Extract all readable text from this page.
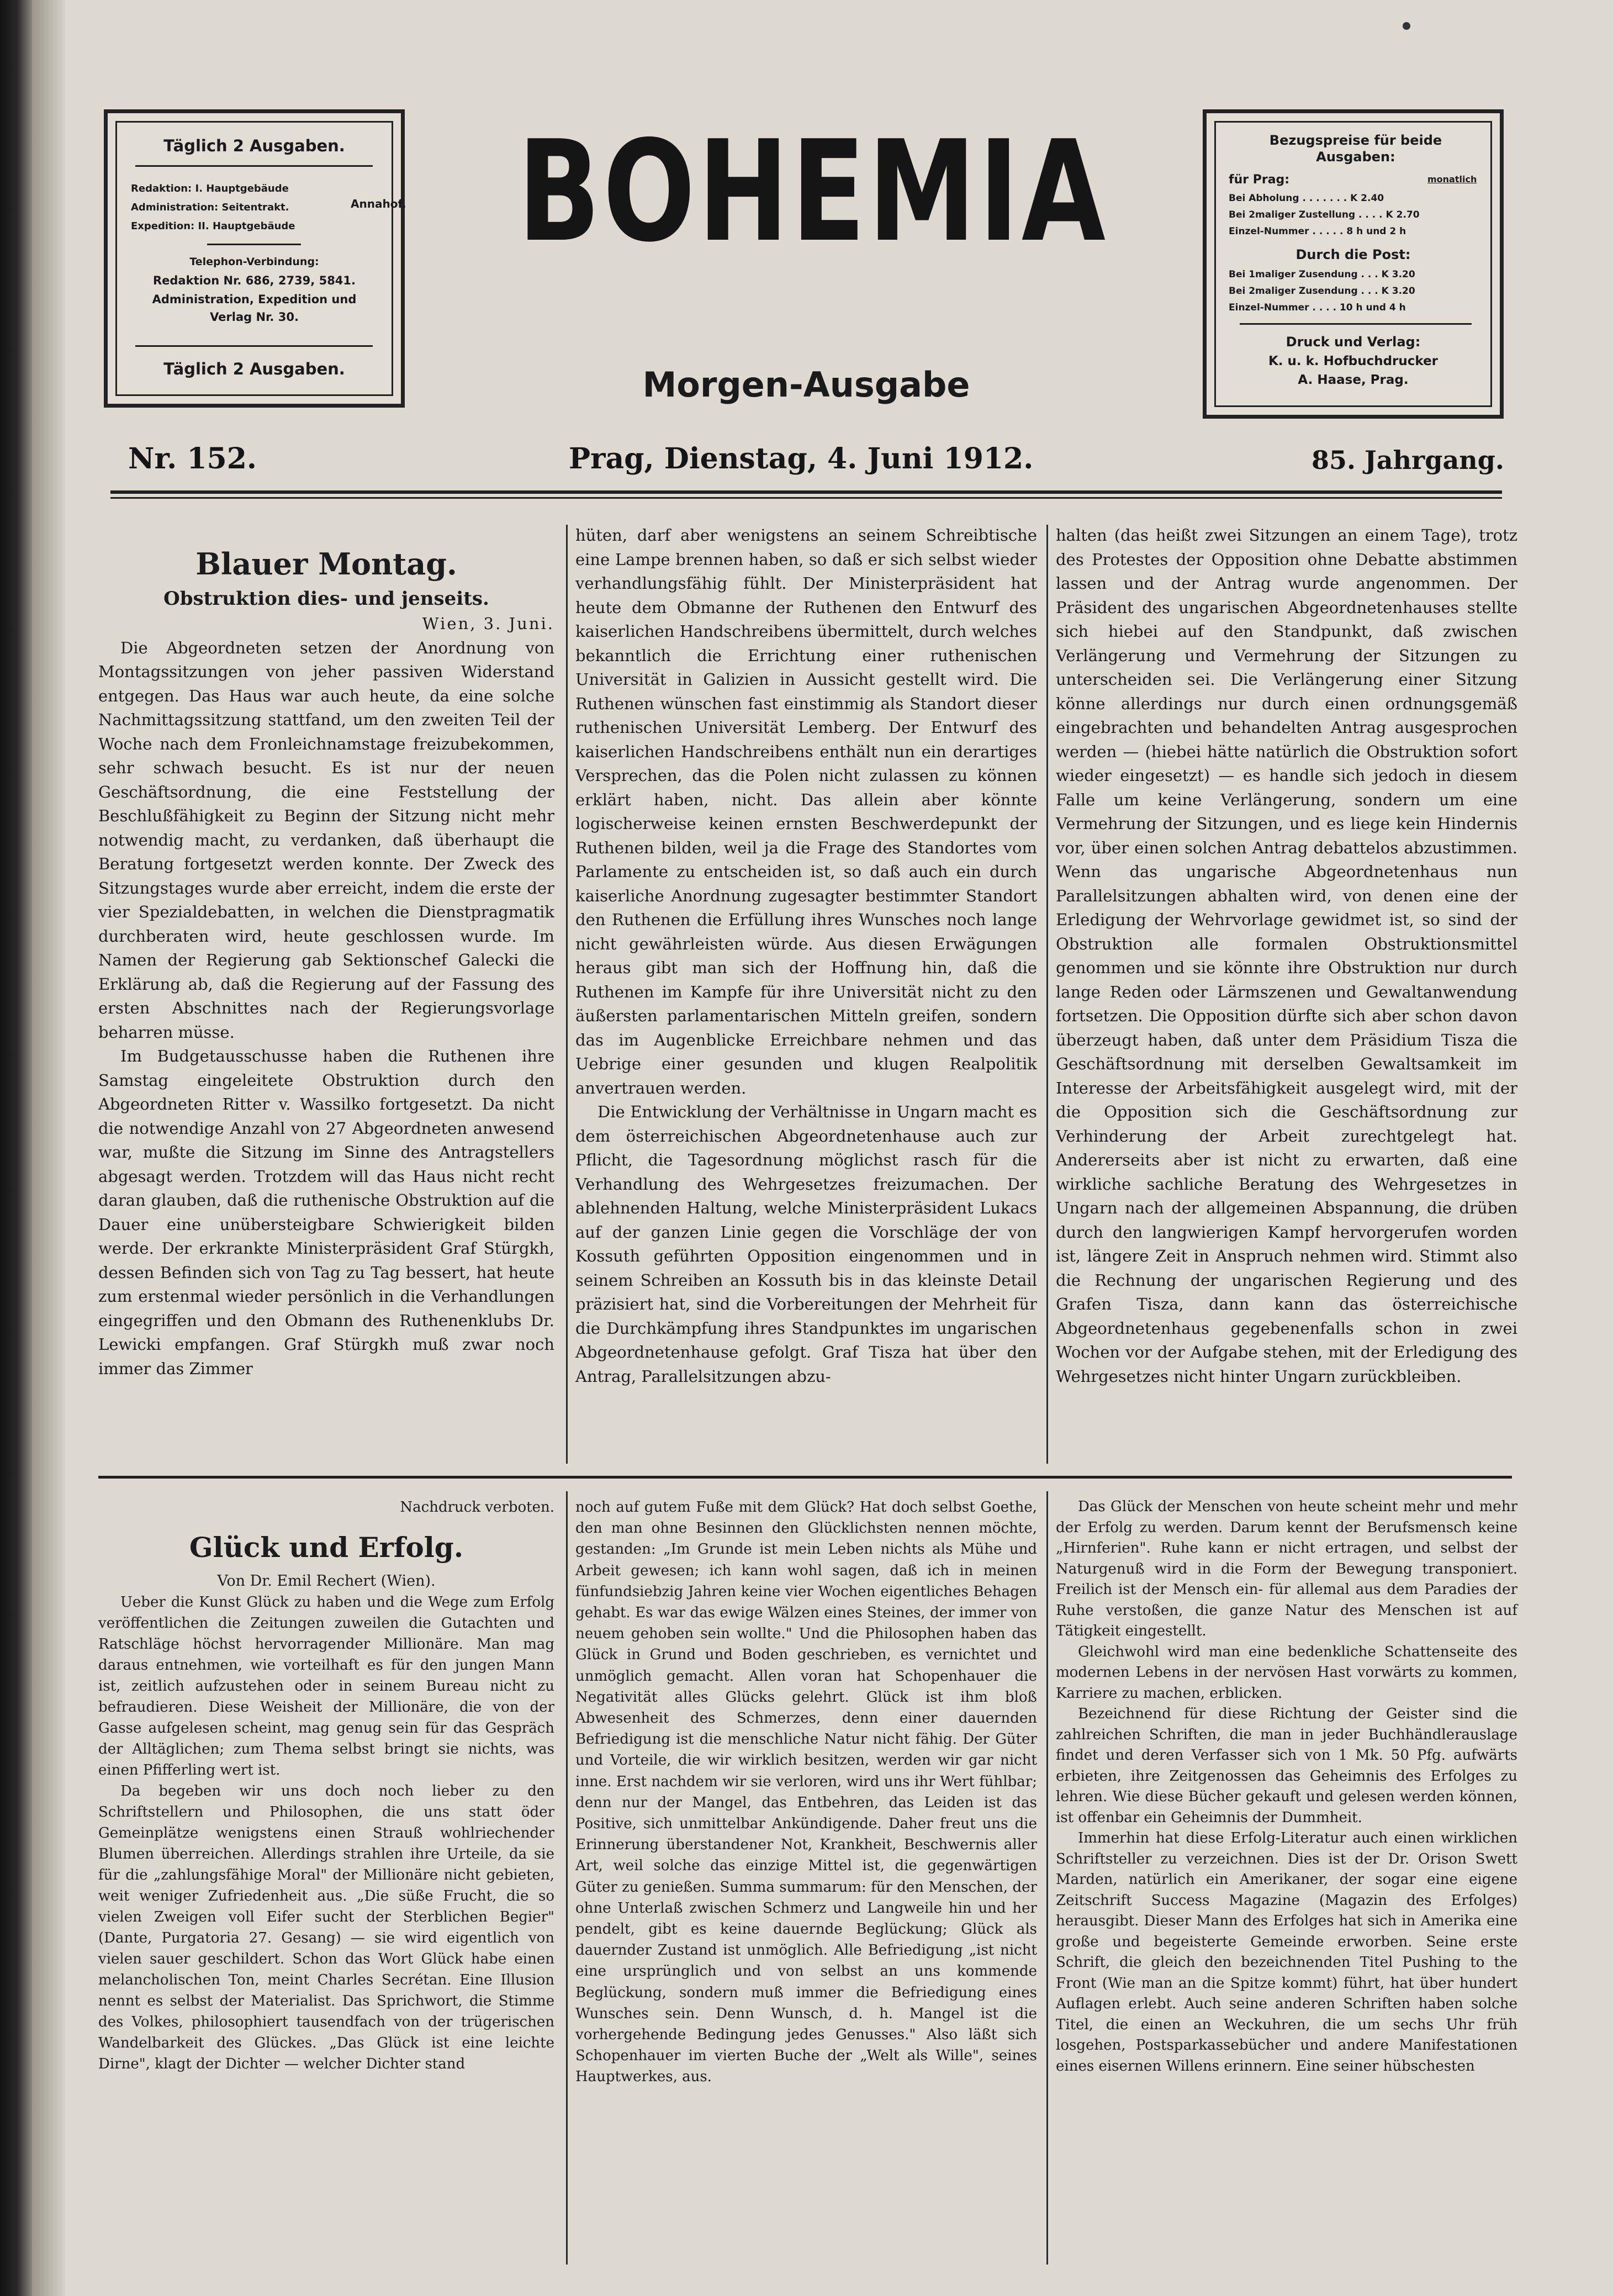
Täglich 2 Ausgaben.
Redaktion: I. Hauptgebäude
Administration: Seitentrakt.
Expedition: II. Hauptgebäude
Annahof.
Telephon-Verbindung:
Redaktion Nr. 686, 2739, 5841.
Administration, Expedition und
Verlag Nr. 30.
Täglich 2 Ausgaben.
BOHEMIA
Morgen-Ausgabe
Bezugspreise für beide Ausgaben:
für Prag:	monatlich
Bei Abholung . . . . . . . K 2.40
Bei 2maliger Zustellung . . . . K 2.70
Einzel-Nummer . . . . . 8 h und 2 h
Durch die Post:
Bei 1maliger Zusendung . . . K 3.20
Bei 2maliger Zusendung . . . K 3.20
Einzel-Nummer . . . . 10 h und 4 h
Druck und Verlag:
K. u. k. Hofbuchdrucker
A. Haase, Prag.
Nr. 152.	Prag, Dienstag, 4. Juni 1912.	85. Jahrgang.
Blauer Montag.
Obstruktion dies- und jenseits.
Wien, 3. Juni.

Die Abgeordneten setzen der Anordnung von Montagssitzungen von jeher passiven Widerstand entgegen. Das Haus war auch heute, da eine solche Nachmittagssitzung stattfand, um den zweiten Teil der Woche nach dem Fronleichnamstage freizubekommen, sehr schwach besucht. Es ist nur der neuen Geschäftsordnung, die eine Feststellung der Beschlußfähigkeit zu Beginn der Sitzung nicht mehr notwendig macht, zu verdanken, daß überhaupt die Beratung fortgesetzt werden konnte. Der Zweck des Sitzungstages wurde aber erreicht, indem die erste der vier Spezialdebatten, in welchen die Dienstpragmatik durchberaten wird, heute geschlossen wurde. Im Namen der Regierung gab Sektionschef Galecki die Erklärung ab, daß die Regierung auf der Fassung des ersten Abschnittes nach der Regierungsvorlage beharren müsse.

Im Budgetausschusse haben die Ruthenen ihre Samstag eingeleitete Obstruktion durch den Abgeordneten Ritter v. Wassilko fortgesetzt. Da nicht die notwendige Anzahl von 27 Abgeordneten anwesend war, mußte die Sitzung im Sinne des Antragstellers abgesagt werden. Trotzdem will das Haus nicht recht daran glauben, daß die ruthenische Obstruktion auf die Dauer eine unübersteigbare Schwierigkeit bilden werde. Der erkrankte Ministerpräsident Graf Stürgkh, dessen Befinden sich von Tag zu Tag bessert, hat heute zum erstenmal wieder persönlich in die Verhandlungen eingegriffen und den Obmann des Ruthenenklubs Dr. Lewicki empfangen. Graf Stürgkh muß zwar noch immer das Zimmer

hüten, darf aber wenigstens an seinem Schreibtische eine Lampe brennen haben, so daß er sich selbst wieder verhandlungsfähig fühlt. Der Ministerpräsident hat heute dem Obmanne der Ruthenen den Entwurf des kaiserlichen Handschreibens übermittelt, durch welches bekanntlich die Errichtung einer ruthenischen Universität in Galizien in Aussicht gestellt wird. Die Ruthenen wünschen fast einstimmig als Standort dieser ruthenischen Universität Lemberg. Der Entwurf des kaiserlichen Handschreibens enthält nun ein derartiges Versprechen, das die Polen nicht zulassen zu können erklärt haben, nicht. Das allein aber könnte logischerweise keinen ernsten Beschwerdepunkt der Ruthenen bilden, weil ja die Frage des Standortes vom Parlamente zu entscheiden ist, so daß auch ein durch kaiserliche Anordnung zugesagter bestimmter Standort den Ruthenen die Erfüllung ihres Wunsches noch lange nicht gewährleisten würde. Aus diesen Erwägungen heraus gibt man sich der Hoffnung hin, daß die Ruthenen im Kampfe für ihre Universität nicht zu den äußersten parlamentarischen Mitteln greifen, sondern das im Augenblicke Erreichbare nehmen und das Uebrige einer gesunden und klugen Realpolitik anvertrauen werden.

Die Entwicklung der Verhältnisse in Ungarn macht es dem österreichischen Abgeordnetenhause auch zur Pflicht, die Tagesordnung möglichst rasch für die Verhandlung des Wehrgesetzes freizumachen. Der ablehnenden Haltung, welche Ministerpräsident Lukacs auf der ganzen Linie gegen die Vorschläge der von Kossuth geführten Opposition eingenommen und in seinem Schreiben an Kossuth bis in das kleinste Detail präzisiert hat, sind die Vorbereitungen der Mehrheit für die Durchkämpfung ihres Standpunktes im ungarischen Abgeordnetenhause gefolgt. Graf Tisza hat über den Antrag, Parallelsitzungen abzu-

halten (das heißt zwei Sitzungen an einem Tage), trotz des Protestes der Opposition ohne Debatte abstimmen lassen und der Antrag wurde angenommen. Der Präsident des ungarischen Abgeordnetenhauses stellte sich hiebei auf den Standpunkt, daß zwischen Verlängerung und Vermehrung der Sitzungen zu unterscheiden sei. Die Verlängerung einer Sitzung könne allerdings nur durch einen ordnungsgemäß eingebrachten und behandelten Antrag ausgesprochen werden — (hiebei hätte natürlich die Obstruktion sofort wieder eingesetzt) — es handle sich jedoch in diesem Falle um keine Verlängerung, sondern um eine Vermehrung der Sitzungen, und es liege kein Hindernis vor, über einen solchen Antrag debattelos abzustimmen. Wenn das ungarische Abgeordnetenhaus nun Parallelsitzungen abhalten wird, von denen eine der Erledigung der Wehrvorlage gewidmet ist, so sind der Obstruktion alle formalen Obstruktionsmittel genommen und sie könnte ihre Obstruktion nur durch lange Reden oder Lärmszenen und Gewaltanwendung fortsetzen. Die Opposition dürfte sich aber schon davon überzeugt haben, daß unter dem Präsidium Tisza die Geschäftsordnung mit derselben Gewaltsamkeit im Interesse der Arbeitsfähigkeit ausgelegt wird, mit der die Opposition sich die Geschäftsordnung zur Verhinderung der Arbeit zurechtgelegt hat. Andererseits aber ist nicht zu erwarten, daß eine wirkliche sachliche Beratung des Wehrgesetzes in Ungarn nach der allgemeinen Abspannung, die drüben durch den langwierigen Kampf hervorgerufen worden ist, längere Zeit in Anspruch nehmen wird. Stimmt also die Rechnung der ungarischen Regierung und des Grafen Tisza, dann kann das österreichische Abgeordnetenhaus gegebenenfalls schon in zwei Wochen vor der Aufgabe stehen, mit der Erledigung des Wehrgesetzes nicht hinter Ungarn zurückbleiben.

Nachdruck verboten.
Glück und Erfolg.
Von Dr. Emil Rechert (Wien).

Ueber die Kunst Glück zu haben und die Wege zum Erfolg veröffentlichen die Zeitungen zuweilen die Gutachten und Ratschläge höchst hervorragender Millionäre. Man mag daraus entnehmen, wie vorteilhaft es für den jungen Mann ist, zeitlich aufzustehen oder in seinem Bureau nicht zu befraudieren. Diese Weisheit der Millionäre, die von der Gasse aufgelesen scheint, mag genug sein für das Gespräch der Alltäglichen; zum Thema selbst bringt sie nichts, was einen Pfifferling wert ist.

Da begeben wir uns doch noch lieber zu den Schriftstellern und Philosophen, die uns statt öder Gemeinplätze wenigstens einen Strauß wohlriechender Blumen überreichen. Allerdings strahlen ihre Urteile, da sie für die „zahlungsfähige Moral" der Millionäre nicht gebieten, weit weniger Zufriedenheit aus. „Die süße Frucht, die so vielen Zweigen voll Eifer sucht der Sterblichen Begier" (Dante, Purgatoria 27. Gesang) — sie wird eigentlich von vielen sauer geschildert. Schon das Wort Glück habe einen melancholischen Ton, meint Charles Secrétan. Eine Illusion nennt es selbst der Materialist. Das Sprichwort, die Stimme des Volkes, philosophiert tausendfach von der trügerischen Wandelbarkeit des Glückes. „Das Glück ist eine leichte Dirne", klagt der Dichter — welcher Dichter stand

noch auf gutem Fuße mit dem Glück? Hat doch selbst Goethe, den man ohne Besinnen den Glücklichsten nennen möchte, gestanden: „Im Grunde ist mein Leben nichts als Mühe und Arbeit gewesen; ich kann wohl sagen, daß ich in meinen fünfundsiebzig Jahren keine vier Wochen eigentliches Behagen gehabt. Es war das ewige Wälzen eines Steines, der immer von neuem gehoben sein wollte." Und die Philosophen haben das Glück in Grund und Boden geschrieben, es vernichtet und unmöglich gemacht. Allen voran hat Schopenhauer die Negativität alles Glücks gelehrt. Glück ist ihm bloß Abwesenheit des Schmerzes, denn einer dauernden Befriedigung ist die menschliche Natur nicht fähig. Der Güter und Vorteile, die wir wirklich besitzen, werden wir gar nicht inne. Erst nachdem wir sie verloren, wird uns ihr Wert fühlbar; denn nur der Mangel, das Entbehren, das Leiden ist das Positive, sich unmittelbar Ankündigende. Daher freut uns die Erinnerung überstandener Not, Krankheit, Beschwernis aller Art, weil solche das einzige Mittel ist, die gegenwärtigen Güter zu genießen. Summa summarum: für den Menschen, der ohne Unterlaß zwischen Schmerz und Langweile hin und her pendelt, gibt es keine dauernde Beglückung; Glück als dauernder Zustand ist unmöglich. Alle Befriedigung „ist nicht eine ursprünglich und von selbst an uns kommende Beglückung, sondern muß immer die Befriedigung eines Wunsches sein. Denn Wunsch, d. h. Mangel ist die vorhergehende Bedingung jedes Genusses." Also läßt sich Schopenhauer im vierten Buche der „Welt als Wille", seines Hauptwerkes, aus.

Das Glück der Menschen von heute scheint mehr und mehr der Erfolg zu werden. Darum kennt der Berufsmensch keine „Hirnferien". Ruhe kann er nicht ertragen, und selbst der Naturgenuß wird in die Form der Bewegung transponiert. Freilich ist der Mensch ein- für allemal aus dem Paradies der Ruhe verstoßen, die ganze Natur des Menschen ist auf Tätigkeit eingestellt.

Gleichwohl wird man eine bedenkliche Schattenseite des modernen Lebens in der nervösen Hast vorwärts zu kommen, Karriere zu machen, erblicken.

Bezeichnend für diese Richtung der Geister sind die zahlreichen Schriften, die man in jeder Buchhändlerauslage findet und deren Verfasser sich von 1 Mk. 50 Pfg. aufwärts erbieten, ihre Zeitgenossen das Geheimnis des Erfolges zu lehren. Wie diese Bücher gekauft und gelesen werden können, ist offenbar ein Geheimnis der Dummheit.

Immerhin hat diese Erfolg-Literatur auch einen wirklichen Schriftsteller zu verzeichnen. Dies ist der Dr. Orison Swett Marden, natürlich ein Amerikaner, der sogar eine eigene Zeitschrift Success Magazine (Magazin des Erfolges) herausgibt. Dieser Mann des Erfolges hat sich in Amerika eine große und begeisterte Gemeinde erworben. Seine erste Schrift, die gleich den bezeichnenden Titel Pushing to the Front (Wie man an die Spitze kommt) führt, hat über hundert Auflagen erlebt. Auch seine anderen Schriften haben solche Titel, die einen an Weckuhren, die um sechs Uhr früh losgehen, Postsparkassebücher und andere Manifestationen eines eisernen Willens erinnern. Eine seiner hübschesten
